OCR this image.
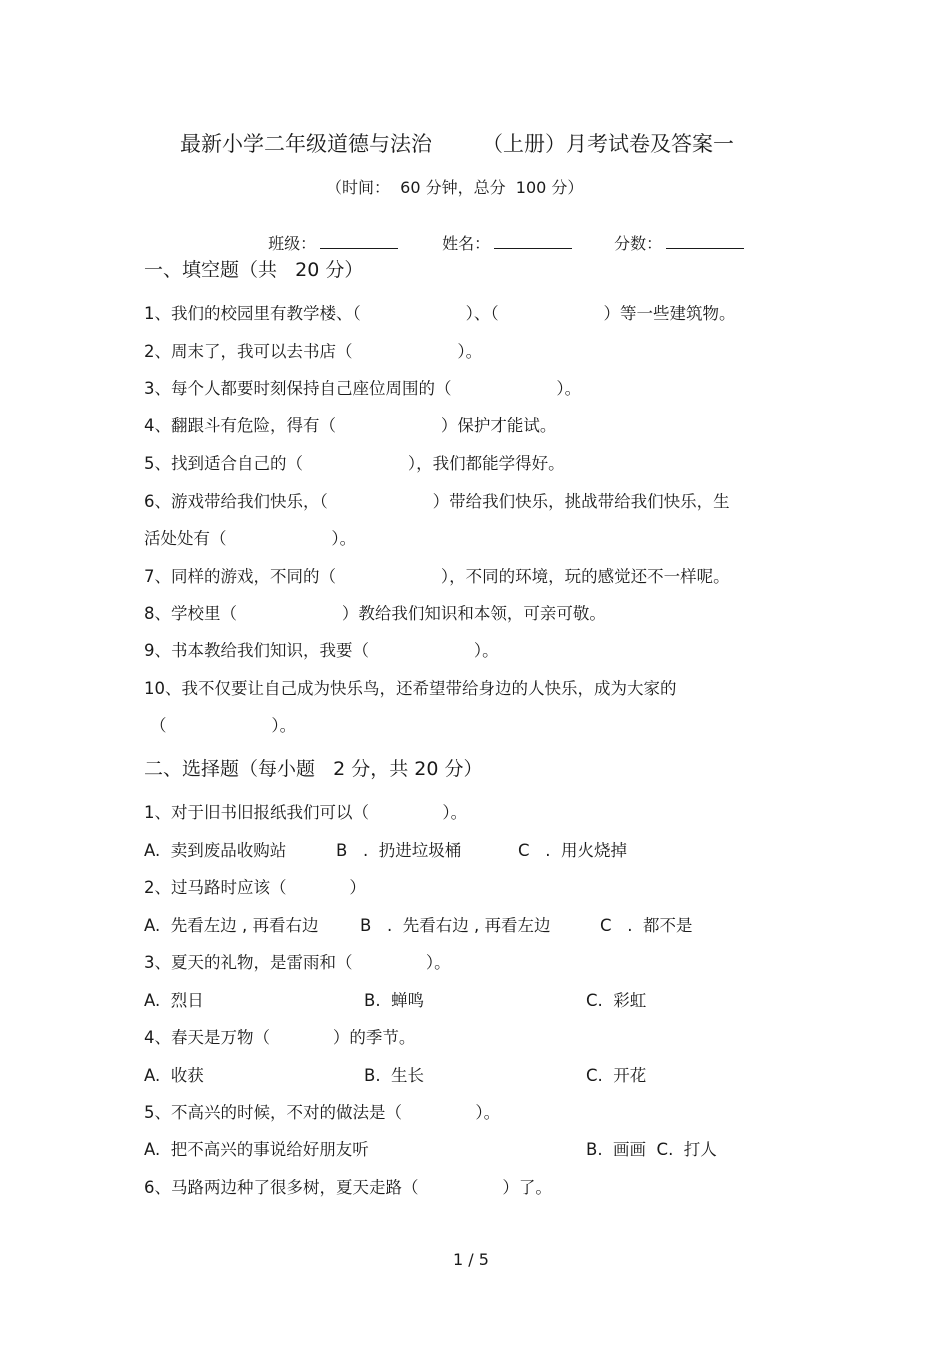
最新小学二年级道德与法治 （上册）月考试卷及答案一
（时间：  60 分钟，总分  100 分）

班级：	姓名：	分数：

一、填空题（共   20 分）
1、我们的校园里有教学楼、（                    ）、（                    ）等一些建筑物。
2、周末了，我可以去书店（                    ）。
3、每个人都要时刻保持自己座位周围的（                    ）。
4、翻跟斗有危险，得有（                    ）保护才能试。
5、找到适合自己的（                    ），我们都能学得好。
6、游戏带给我们快乐，（                    ）带给我们快乐，挑战带给我们快乐，生
活处处有（                    ）。
7、同样的游戏，不同的（                    ），不同的环境，玩的感觉还不一样呢。
8、学校里（                    ）教给我们知识和本领，可亲可敬。
9、书本教给我们知识，我要（                    ）。
10、我不仅要让自己成为快乐鸟，还希望带给身边的人快乐，成为大家的
（                    ）。
二、选择题（每小题   2 分，共 20 分）
1、对于旧书旧报纸我们可以（              ）。
A.  卖到废品收购站	B   .  扔进垃圾桶	C   .  用火烧掉
2、过马路时应该（            ）
A.  先看左边 , 再看右边	B   .  先看右边 , 再看左边	C   .  都不是
3、夏天的礼物，是雷雨和（              ）。
A.  烈日	B.  蝉鸣	C.  彩虹
4、春天是万物（            ）的季节。
A.  收获	B.  生长	C.  开花
5、不高兴的时候，不对的做法是（              ）。
A.  把不高兴的事说给好朋友听	B.  画画  C.  打人
6、马路两边种了很多树，夏天走路（                ）了。
1 / 5
